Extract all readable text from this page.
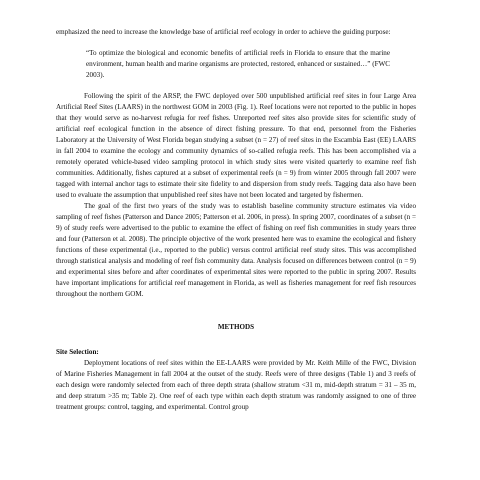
emphasized the need to increase the knowledge base of artificial reef ecology in order to achieve the guiding purpose:

“To optimize the biological and economic benefits of artificial reefs in Florida to ensure that the marine environment, human health and marine organisms are protected, restored, enhanced or sustained…” (FWC 2003).

Following the spirit of the ARSP, the FWC deployed over 500 unpublished artificial reef sites in four Large Area Artificial Reef Sites (LAARS) in the northwest GOM in 2003 (Fig. 1). Reef locations were not reported to the public in hopes that they would serve as no-harvest refugia for reef fishes. Unreported reef sites also provide sites for scientific study of artificial reef ecological function in the absence of direct fishing pressure. To that end, personnel from the Fisheries Laboratory at the University of West Florida began studying a subset (n = 27) of reef sites in the Escambia East (EE) LAARS in fall 2004 to examine the ecology and community dynamics of so-called refugia reefs. This has been accomplished via a remotely operated vehicle-based video sampling protocol in which study sites were visited quarterly to examine reef fish communities. Additionally, fishes captured at a subset of experimental reefs (n = 9) from winter 2005 through fall 2007 were tagged with internal anchor tags to estimate their site fidelity to and dispersion from study reefs. Tagging data also have been used to evaluate the assumption that unpublished reef sites have not been located and targeted by fishermen.

The goal of the first two years of the study was to establish baseline community structure estimates via video sampling of reef fishes (Patterson and Dance 2005; Patterson et al. 2006, in press). In spring 2007, coordinates of a subset (n = 9) of study reefs were advertised to the public to examine the effect of fishing on reef fish communities in study years three and four (Patterson et al. 2008). The principle objective of the work presented here was to examine the ecological and fishery functions of these experimental (i.e., reported to the public) versus control artificial reef study sites. This was accomplished through statistical analysis and modeling of reef fish community data. Analysis focused on differences between control (n = 9) and experimental sites before and after coordinates of experimental sites were reported to the public in spring 2007. Results have important implications for artificial reef management in Florida, as well as fisheries management for reef fish resources throughout the northern GOM.

METHODS

Site Selection:

Deployment locations of reef sites within the EE-LAARS were provided by Mr. Keith Mille of the FWC, Division of Marine Fisheries Management in fall 2004 at the outset of the study. Reefs were of three designs (Table 1) and 3 reefs of each design were randomly selected from each of three depth strata (shallow stratum <31 m, mid-depth stratum = 31 – 35 m, and deep stratum >35 m; Table 2). One reef of each type within each depth stratum was randomly assigned to one of three treatment groups: control, tagging, and experimental. Control group
